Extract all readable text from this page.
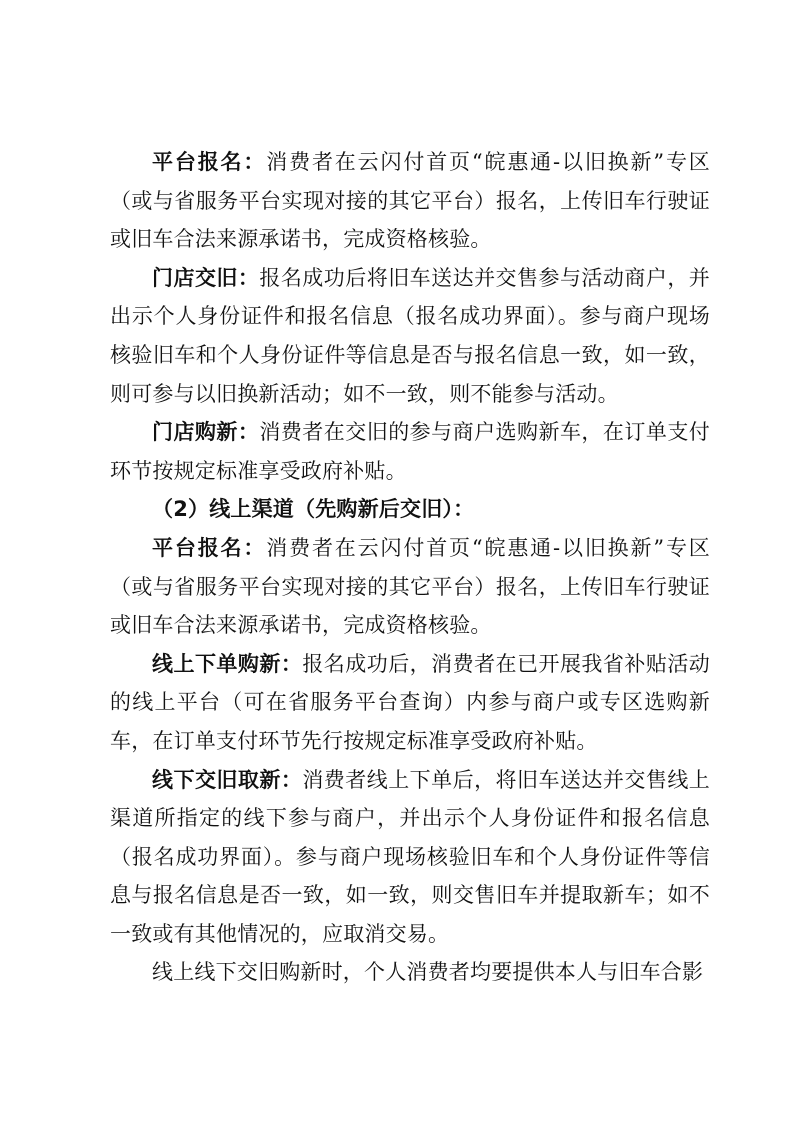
平台报名：消费者在云闪付首页“皖惠通-以旧换新”专区（或与省服务平台实现对接的其它平台）报名，上传旧车行驶证或旧车合法来源承诺书，完成资格核验。

门店交旧：报名成功后将旧车送达并交售参与活动商户，并出示个人身份证件和报名信息（报名成功界面）。参与商户现场核验旧车和个人身份证件等信息是否与报名信息一致，如一致，则可参与以旧换新活动；如不一致，则不能参与活动。

门店购新：消费者在交旧的参与商户选购新车，在订单支付环节按规定标准享受政府补贴。

（2）线上渠道（先购新后交旧）：

平台报名：消费者在云闪付首页“皖惠通-以旧换新”专区（或与省服务平台实现对接的其它平台）报名，上传旧车行驶证或旧车合法来源承诺书，完成资格核验。

线上下单购新：报名成功后，消费者在已开展我省补贴活动的线上平台（可在省服务平台查询）内参与商户或专区选购新车，在订单支付环节先行按规定标准享受政府补贴。

线下交旧取新：消费者线上下单后，将旧车送达并交售线上渠道所指定的线下参与商户，并出示个人身份证件和报名信息（报名成功界面）。参与商户现场核验旧车和个人身份证件等信息与报名信息是否一致，如一致，则交售旧车并提取新车；如不一致或有其他情况的，应取消交易。

线上线下交旧购新时，个人消费者均要提供本人与旧车合影
